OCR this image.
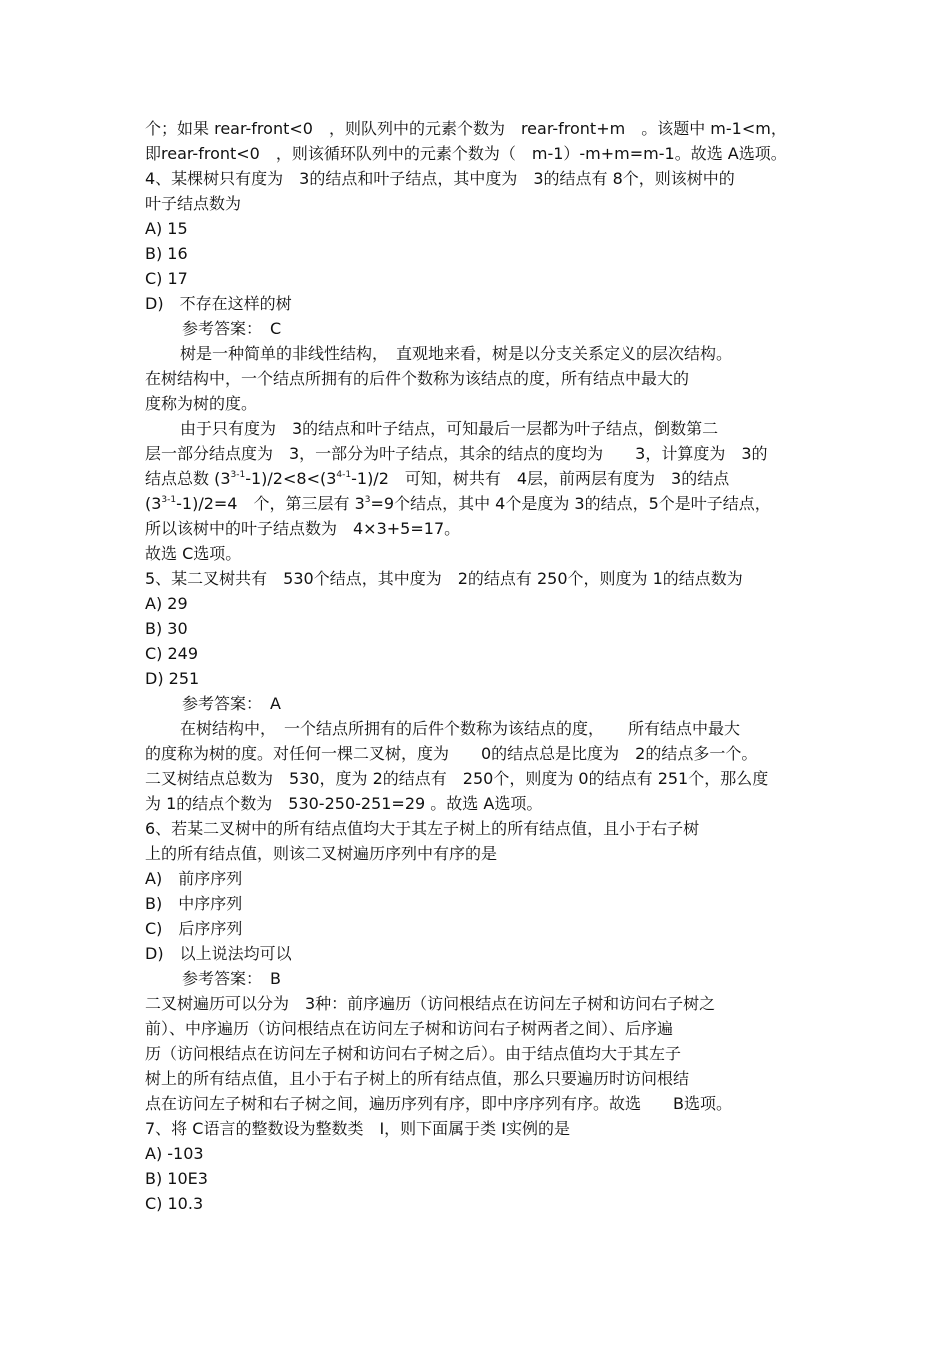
个；如果 rear-front<0　，则队列中的元素个数为　rear-front+m　。该题中 m-1<m，
即rear-front<0　，则该循环队列中的元素个数为（　m-1）-m+m=m-1。故选 A选项。
4、某棵树只有度为　3的结点和叶子结点，其中度为　3的结点有 8个，则该树中的
叶子结点数为
A) 15
B) 16
C) 17
D)　不存在这样的树
参考答案：　C
树是一种简单的非线性结构，　直观地来看，树是以分支关系定义的层次结构。
在树结构中，一个结点所拥有的后件个数称为该结点的度，所有结点中最大的
度称为树的度。
由于只有度为　3的结点和叶子结点，可知最后一层都为叶子结点，倒数第二
层一部分结点度为　3，一部分为叶子结点，其余的结点的度均为　　3，计算度为　3的
结点总数 $(3^{3-1}-1)/2<8<(3^{4-1}-1)/2$　可知，树共有　4层，前两层有度为　3的结点
$(3^{3-1}-1)/2=4$　个，第三层有 $3^3=9$个结点，其中 4个是度为 3的结点，5个是叶子结点，
所以该树中的叶子结点数为　4×3+5=17。
故选 C选项。
5、某二叉树共有　530个结点，其中度为　2的结点有 250个，则度为 1的结点数为
A) 29
B) 30
C) 249
D) 251
参考答案：　A
在树结构中，　一个结点所拥有的后件个数称为该结点的度，　　所有结点中最大
的度称为树的度。对任何一棵二叉树，度为　　0的结点总是比度为　2的结点多一个。
二叉树结点总数为　530，度为 2的结点有　250个，则度为 0的结点有 251个，那么度
为 1的结点个数为　530-250-251=29 。故选 A选项。
6、若某二叉树中的所有结点值均大于其左子树上的所有结点值，且小于右子树
上的所有结点值，则该二叉树遍历序列中有序的是
A)　前序序列
B)　中序序列
C)　后序序列
D)　以上说法均可以
参考答案：　B
二叉树遍历可以分为　3种：前序遍历（访问根结点在访问左子树和访问右子树之
前）、中序遍历（访问根结点在访问左子树和访问右子树两者之间）、后序遍
历（访问根结点在访问左子树和访问右子树之后）。由于结点值均大于其左子
树上的所有结点值，且小于右子树上的所有结点值，那么只要遍历时访问根结
点在访问左子树和右子树之间，遍历序列有序，即中序序列有序。故选　　B选项。
7、将 C语言的整数设为整数类　I，则下面属于类 I实例的是
A) -103
B) 10E3
C) 10.3
